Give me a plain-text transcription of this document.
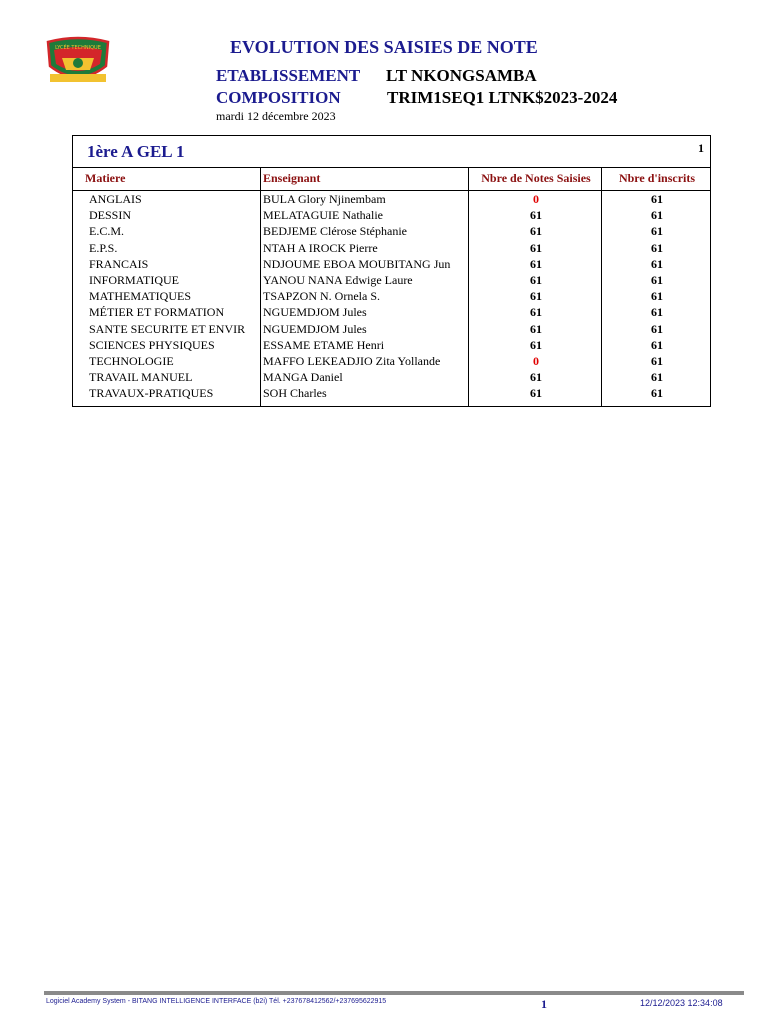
LYCÉE TECHNIQUE	EVOLUTION DES SAISIES DE NOTE
ETABLISSEMENT LT NKONGSAMBA
COMPOSITION	TRIM1SEQ1 LTNK$2023-2024
mardi 12 décembre 2023
1ère A GEL 1	1
Matiere	Enseignant	Nbre de Notes Saisies	Nbre d'inscrits
ANGLAIS	BULA Glory Njinembam	0	61
DESSIN	MELATAGUIE Nathalie	61	61
E.C.M.	BEDJEME Clérose Stéphanie	61	61
E.P.S.	NTAH A IROCK Pierre	61	61
FRANCAIS	NDJOUME EBOA MOUBITANG Jun	61	61
INFORMATIQUE	YANOU NANA Edwige Laure	61	61
MATHEMATIQUES	TSAPZON N. Ornela S.	61	61
MÉTIER ET FORMATION	NGUEMDJOM Jules	61	61
SANTE SECURITE ET ENVIR	NGUEMDJOM Jules	61	61
SCIENCES PHYSIQUES	ESSAME ETAME Henri	61	61
TECHNOLOGIE	MAFFO LEKEADJIO Zita Yollande	0	61
TRAVAIL MANUEL	MANGA Daniel	61	61
TRAVAUX-PRATIQUES	SOH Charles	61	61
Logiciel Academy System - BITANG INTELLIGENCE INTERFACE (b2i) Tél. +237678412562/+237695622915	1	12/12/2023 12:34:08
